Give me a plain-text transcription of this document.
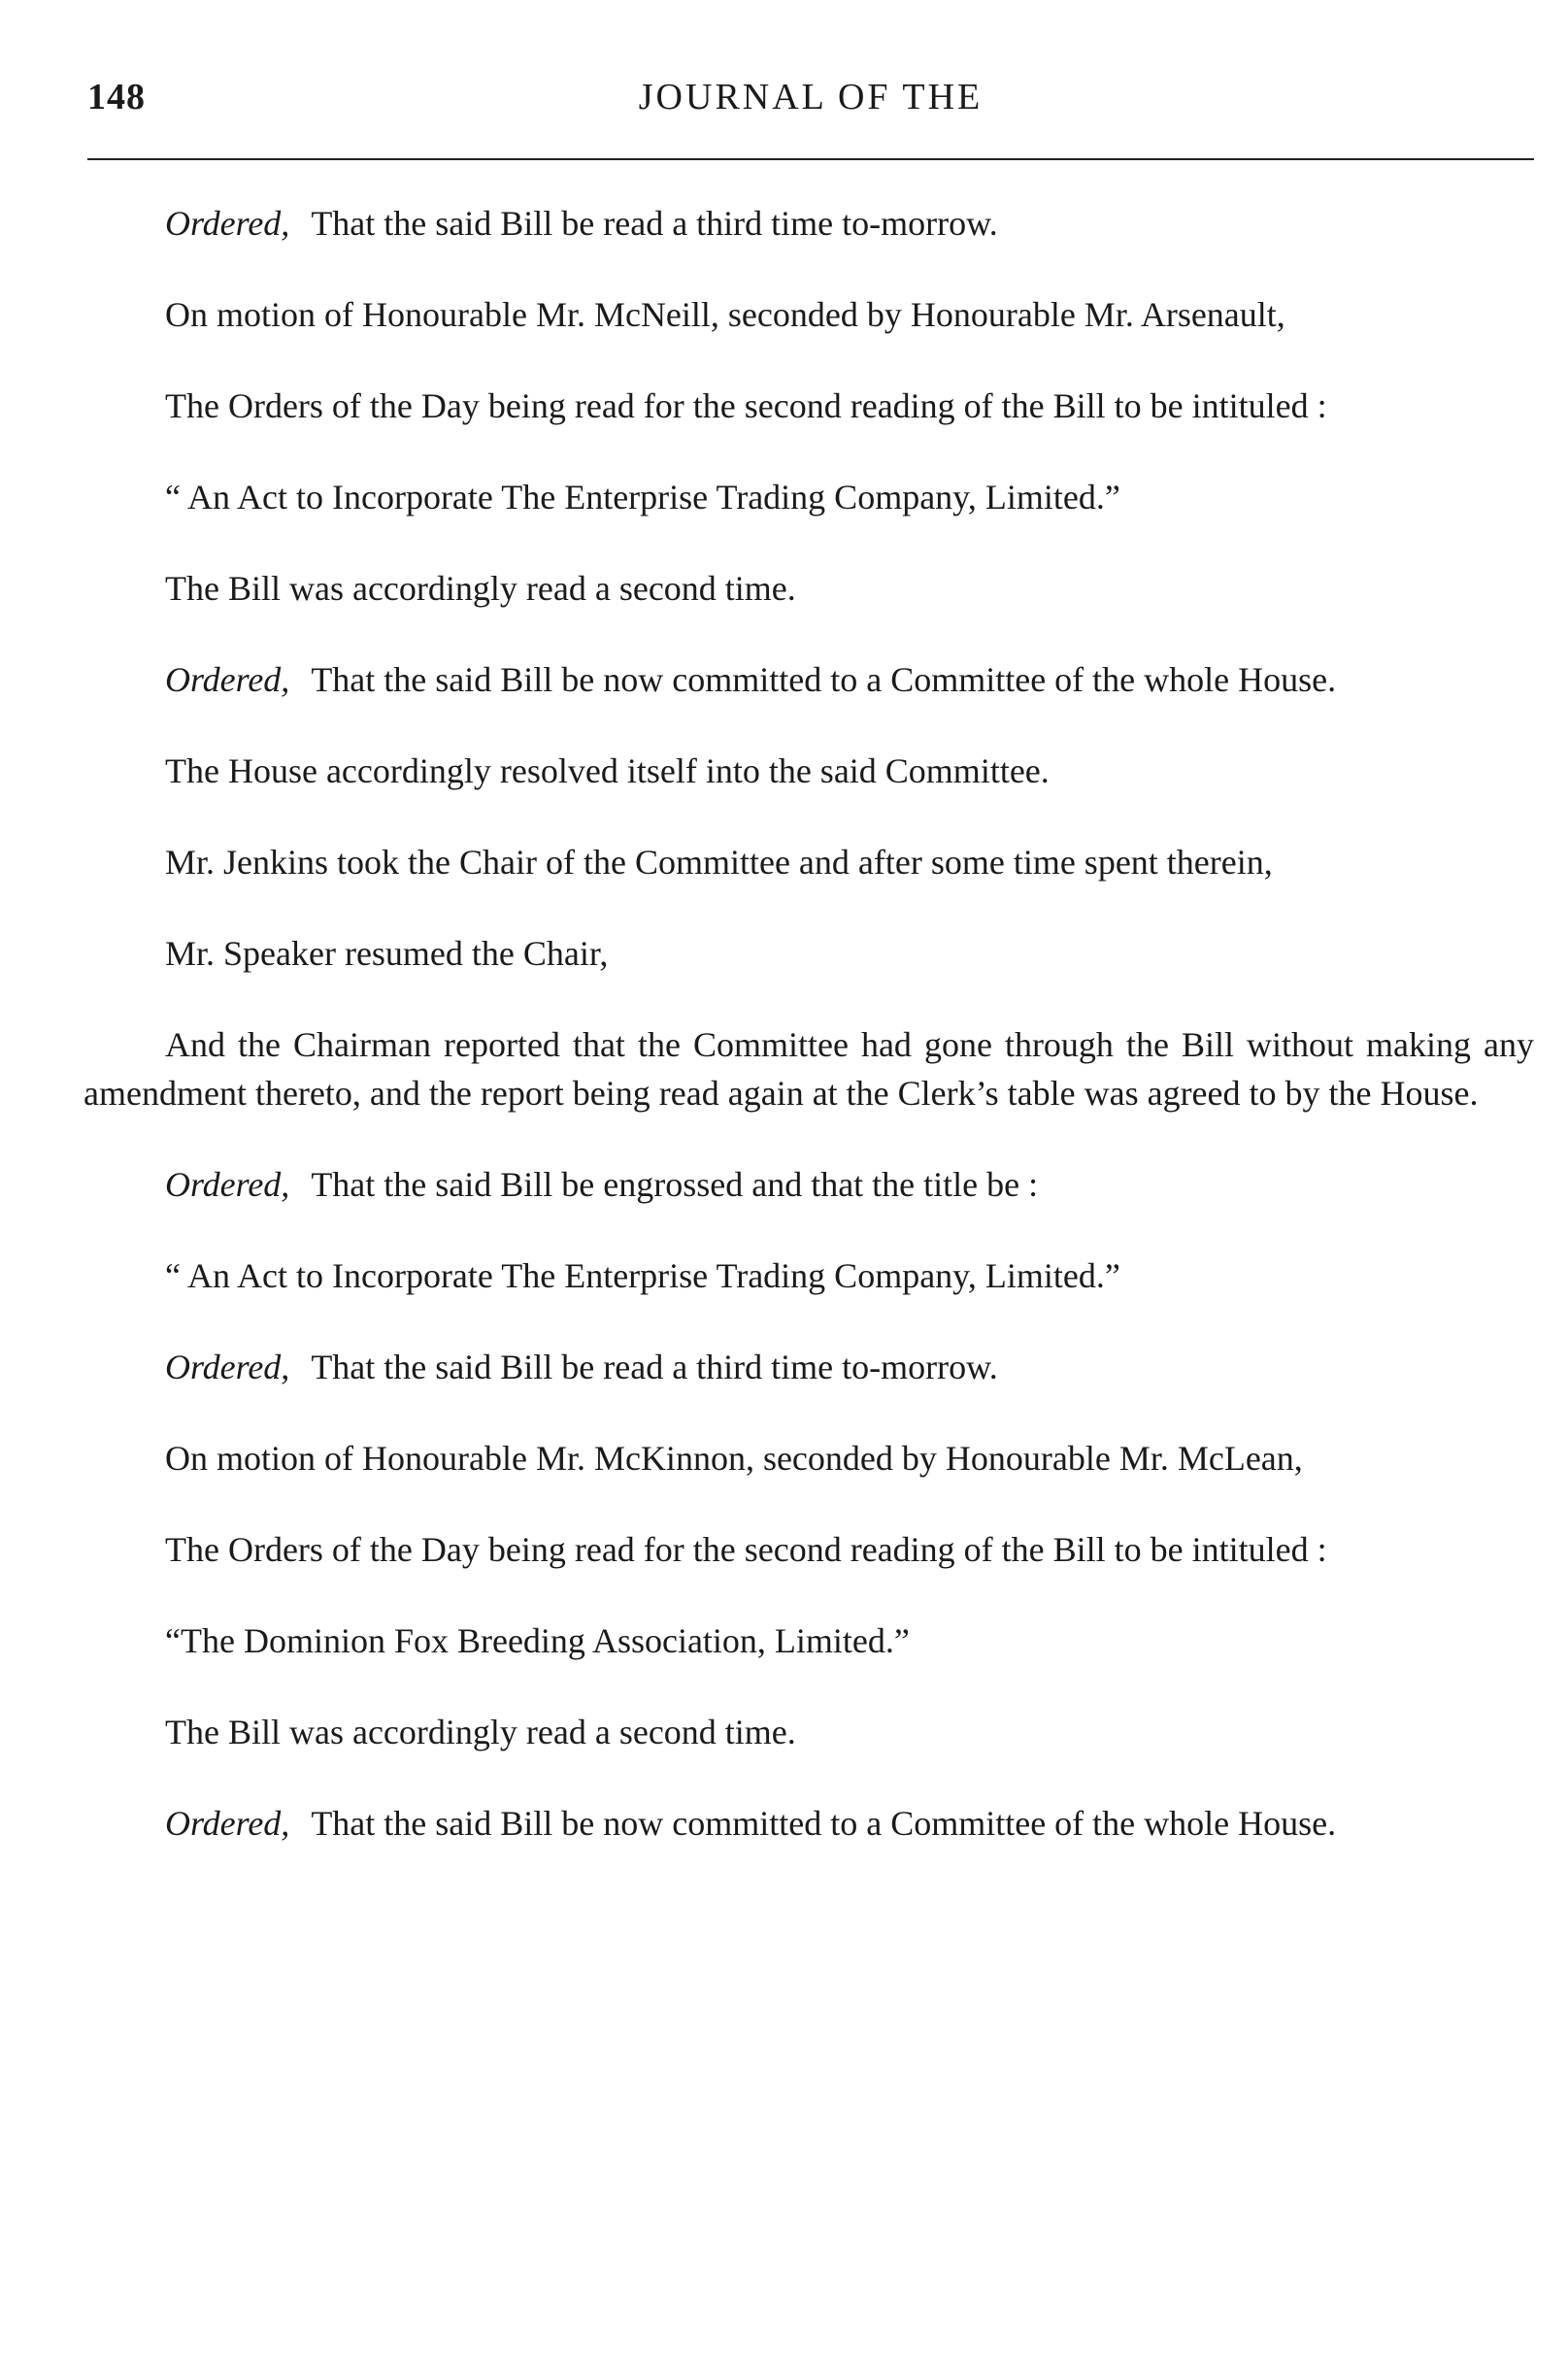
148	JOURNAL OF THE

Ordered, That the said Bill be read a third time to-morrow.

On motion of Honourable Mr. McNeill, seconded by Honourable Mr. Arsenault,

The Orders of the Day being read for the second reading of the Bill to be intituled :

“ An Act to Incorporate The Enterprise Trading Company, Limited.”

The Bill was accordingly read a second time.

Ordered, That the said Bill be now committed to a Committee of the whole House.

The House accordingly resolved itself into the said Committee.

Mr. Jenkins took the Chair of the Committee and after some time spent therein,

Mr. Speaker resumed the Chair,

And the Chairman reported that the Committee had gone through the Bill without making any amendment thereto, and the report being read again at the Clerk’s table was agreed to by the House.

Ordered, That the said Bill be engrossed and that the title be :

“ An Act to Incorporate The Enterprise Trading Company, Limited.”

Ordered, That the said Bill be read a third time to-morrow.

On motion of Honourable Mr. McKinnon, seconded by Honourable Mr. McLean,

The Orders of the Day being read for the second reading of the Bill to be intituled :

“The Dominion Fox Breeding Association, Limited.”

The Bill was accordingly read a second time.

Ordered, That the said Bill be now committed to a Committee of the whole House.
